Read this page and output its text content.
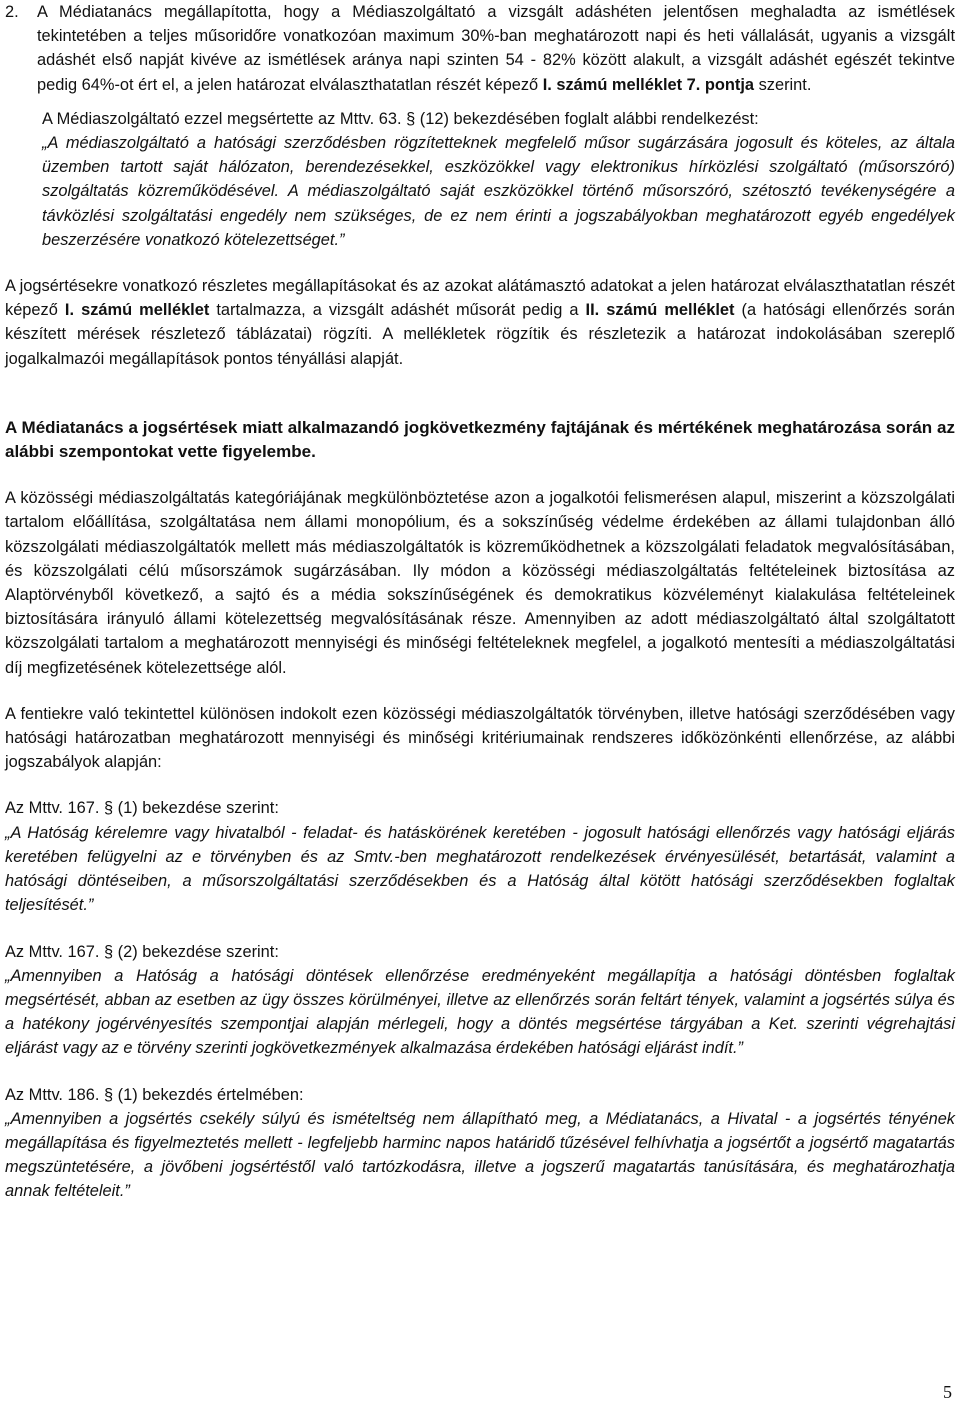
2. A Médiatanács megállapította, hogy a Médiaszolgáltató a vizsgált adáshéten jelentősen meghaladta az ismétlések tekintetében a teljes műsoridőre vonatkozóan maximum 30%-ban meghatározott napi és heti vállalását, ugyanis a vizsgált adáshét első napját kivéve az ismétlések aránya napi szinten 54 - 82% között alakult, a vizsgált adáshét egészét tekintve pedig 64%-ot ért el, a jelen határozat elválaszthatatlan részét képező I. számú melléklet 7. pontja szerint.

A Médiaszolgáltató ezzel megsértette az Mttv. 63. § (12) bekezdésében foglalt alábbi rendelkezést:

„A médiaszolgáltató a hatósági szerződésben rögzítetteknek megfelelő műsor sugárzására jogosult és köteles, az általa üzemben tartott saját hálózaton, berendezésekkel, eszközökkel vagy elektronikus hírközlési szolgáltató (műsorszóró) szolgáltatás közreműködésével. A médiaszolgáltató saját eszközökkel történő műsorszóró, szétosztó tevékenységére a távközlési szolgáltatási engedély nem szükséges, de ez nem érinti a jogszabályokban meghatározott egyéb engedélyek beszerzésére vonatkozó kötelezettséget.”

A jogsértésekre vonatkozó részletes megállapításokat és az azokat alátámasztó adatokat a jelen határozat elválaszthatatlan részét képező I. számú melléklet tartalmazza, a vizsgált adáshét műsorát pedig a II. számú melléklet (a hatósági ellenőrzés során készített mérések részletező táblázatai) rögzíti. A mellékletek rögzítik és részletezik a határozat indokolásában szereplő jogalkalmazói megállapítások pontos tényállási alapját.

A Médiatanács a jogsértések miatt alkalmazandó jogkövetkezmény fajtájának és mértékének meghatározása során az alábbi szempontokat vette figyelembe.

A közösségi médiaszolgáltatás kategóriájának megkülönböztetése azon a jogalkotói felismerésen alapul, miszerint a közszolgálati tartalom előállítása, szolgáltatása nem állami monopólium, és a sokszínűség védelme érdekében az állami tulajdonban álló közszolgálati médiaszolgáltatók mellett más médiaszolgáltatók is közreműködhetnek a közszolgálati feladatok megvalósításában, és közszolgálati célú műsorszámok sugárzásában. Ily módon a közösségi médiaszolgáltatás feltételeinek biztosítása az Alaptörvényből következő, a sajtó és a média sokszínűségének és demokratikus közvéleményt kialakulása feltételeinek biztosítására irányuló állami kötelezettség megvalósításának része. Amennyiben az adott médiaszolgáltató által szolgáltatott közszolgálati tartalom a meghatározott mennyiségi és minőségi feltételeknek megfelel, a jogalkotó mentesíti a médiaszolgáltatási díj megfizetésének kötelezettsége alól.

A fentiekre való tekintettel különösen indokolt ezen közösségi médiaszolgáltatók törvényben, illetve hatósági szerződésében vagy hatósági határozatban meghatározott mennyiségi és minőségi kritériumainak rendszeres időközönkénti ellenőrzése, az alábbi jogszabályok alapján:

Az Mttv. 167. § (1) bekezdése szerint:

„A Hatóság kérelemre vagy hivatalból - feladat- és hatáskörének keretében - jogosult hatósági ellenőrzés vagy hatósági eljárás keretében felügyelni az e törvényben és az Smtv.-ben meghatározott rendelkezések érvényesülését, betartását, valamint a hatósági döntéseiben, a műsorszolgáltatási szerződésekben és a Hatóság által kötött hatósági szerződésekben foglaltak teljesítését.”

Az Mttv. 167. § (2) bekezdése szerint:

„Amennyiben a Hatóság a hatósági döntések ellenőrzése eredményeként megállapítja a hatósági döntésben foglaltak megsértését, abban az esetben az ügy összes körülményei, illetve az ellenőrzés során feltárt tények, valamint a jogsértés súlya és a hatékony jogérvényesítés szempontjai alapján mérlegeli, hogy a döntés megsértése tárgyában a Ket. szerinti végrehajtási eljárást vagy az e törvény szerinti jogkövetkezmények alkalmazása érdekében hatósági eljárást indít.”

Az Mttv. 186. § (1) bekezdés értelmében:

„Amennyiben a jogsértés csekély súlyú és ismételtség nem állapítható meg, a Médiatanács, a Hivatal - a jogsértés tényének megállapítása és figyelmeztetés mellett - legfeljebb harminc napos határidő tűzésével felhívhatja a jogsértőt a jogsértő magatartás megszüntetésére, a jövőbeni jogsértéstől való tartózkodásra, illetve a jogszerű magatartás tanúsítására, és meghatározhatja annak feltételeit.”

5
